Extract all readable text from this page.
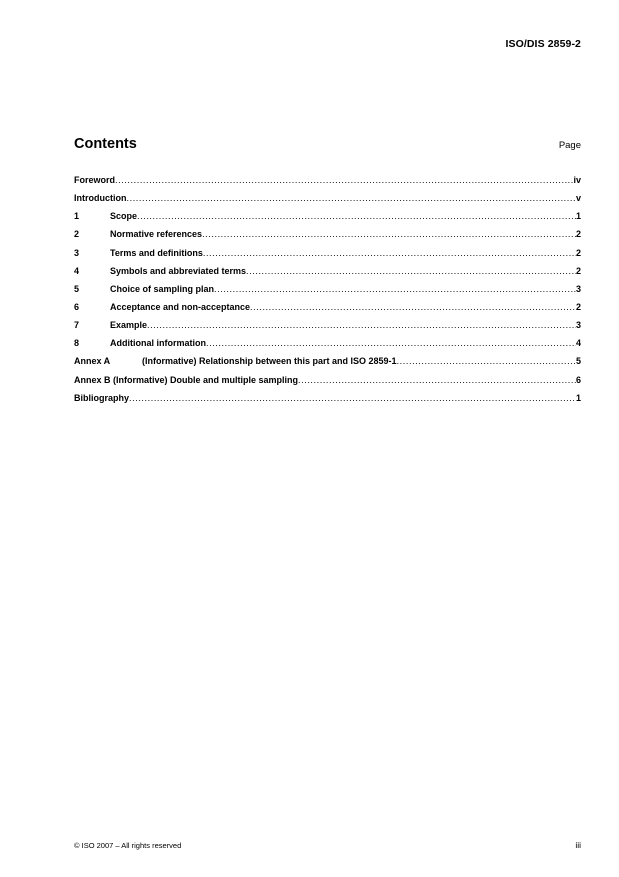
ISO/DIS 2859-2
Contents	Page
Foreword .....	iv
Introduction .....	v
1	Scope .....	1
2	Normative references .....	2
3	Terms and definitions .....	2
4	Symbols and abbreviated terms .....	2
5	Choice of sampling plan .....	3
6	Acceptance and non-acceptance .....	2
7	Example .....	3
8	Additional information .....	4
Annex A	(Informative) Relationship between this part and ISO 2859-1 .....	5
Annex B (Informative) Double and multiple sampling .....	6
Bibliography .....	1
© ISO 2007 – All rights reserved	iii
